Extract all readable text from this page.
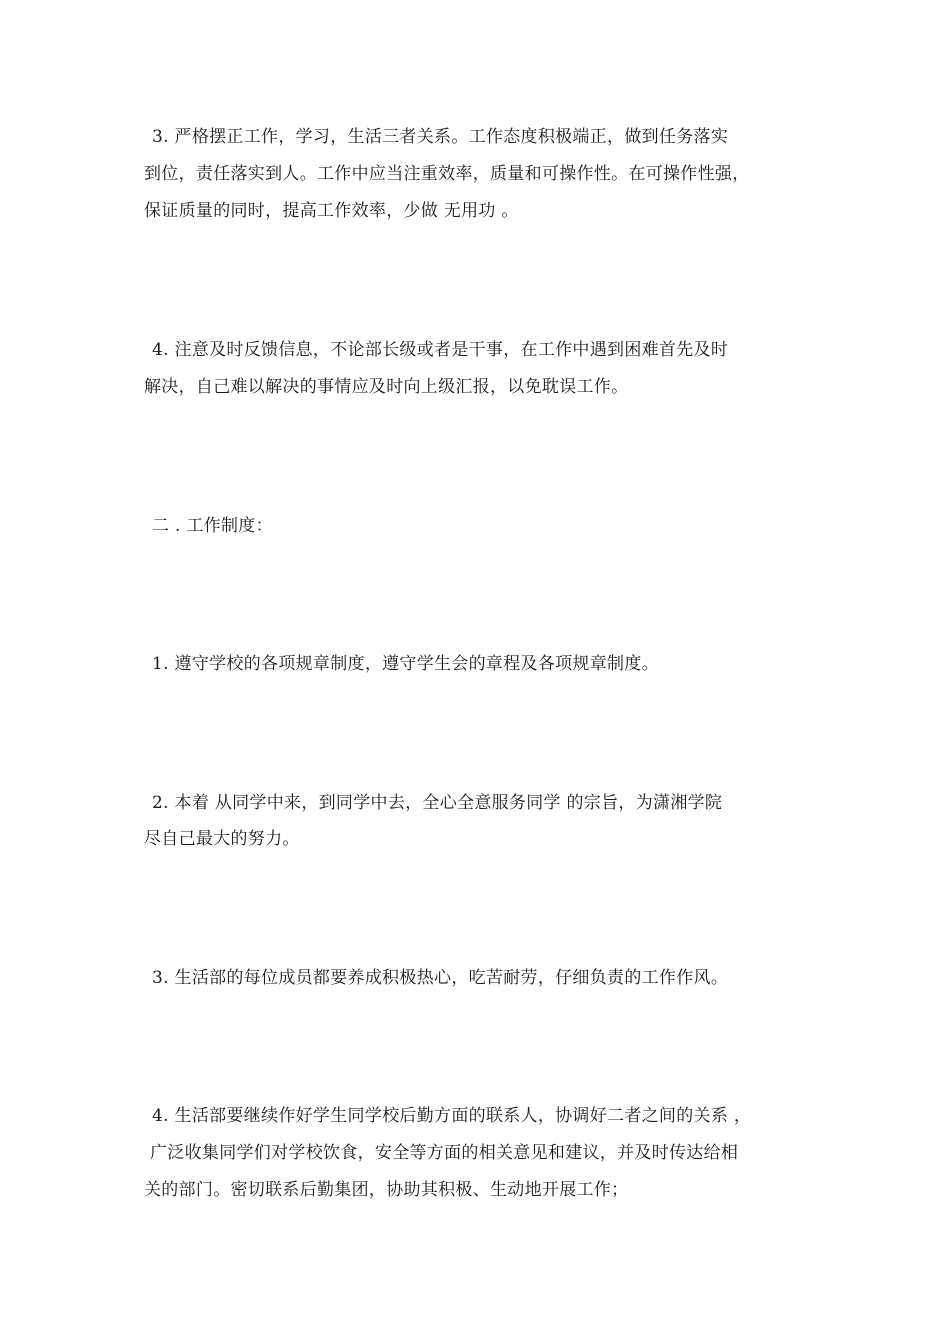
3. 严格摆正工作，学习，生活三者关系。工作态度积极端正，做到任务落实
到位，责任落实到人。工作中应当注重效率，质量和可操作性。在可操作性强，
保证质量的同时，提高工作效率，少做 无用功 。
4. 注意及时反馈信息，不论部长级或者是干事，在工作中遇到困难首先及时
解决，自己难以解决的事情应及时向上级汇报，以免耽误工作。
二 . 工作制度：
1. 遵守学校的各项规章制度，遵守学生会的章程及各项规章制度。
2. 本着 从同学中来，到同学中去，全心全意服务同学 的宗旨，为潇湘学院
尽自己最大的努力。
3. 生活部的每位成员都要养成积极热心，吃苦耐劳，仔细负责的工作作风。
4. 生活部要继续作好学生同学校后勤方面的联系人，协调好二者之间的关系 ，
广泛收集同学们对学校饮食，安全等方面的相关意见和建议，并及时传达给相
关的部门。密切联系后勤集团，协助其积极、生动地开展工作；
